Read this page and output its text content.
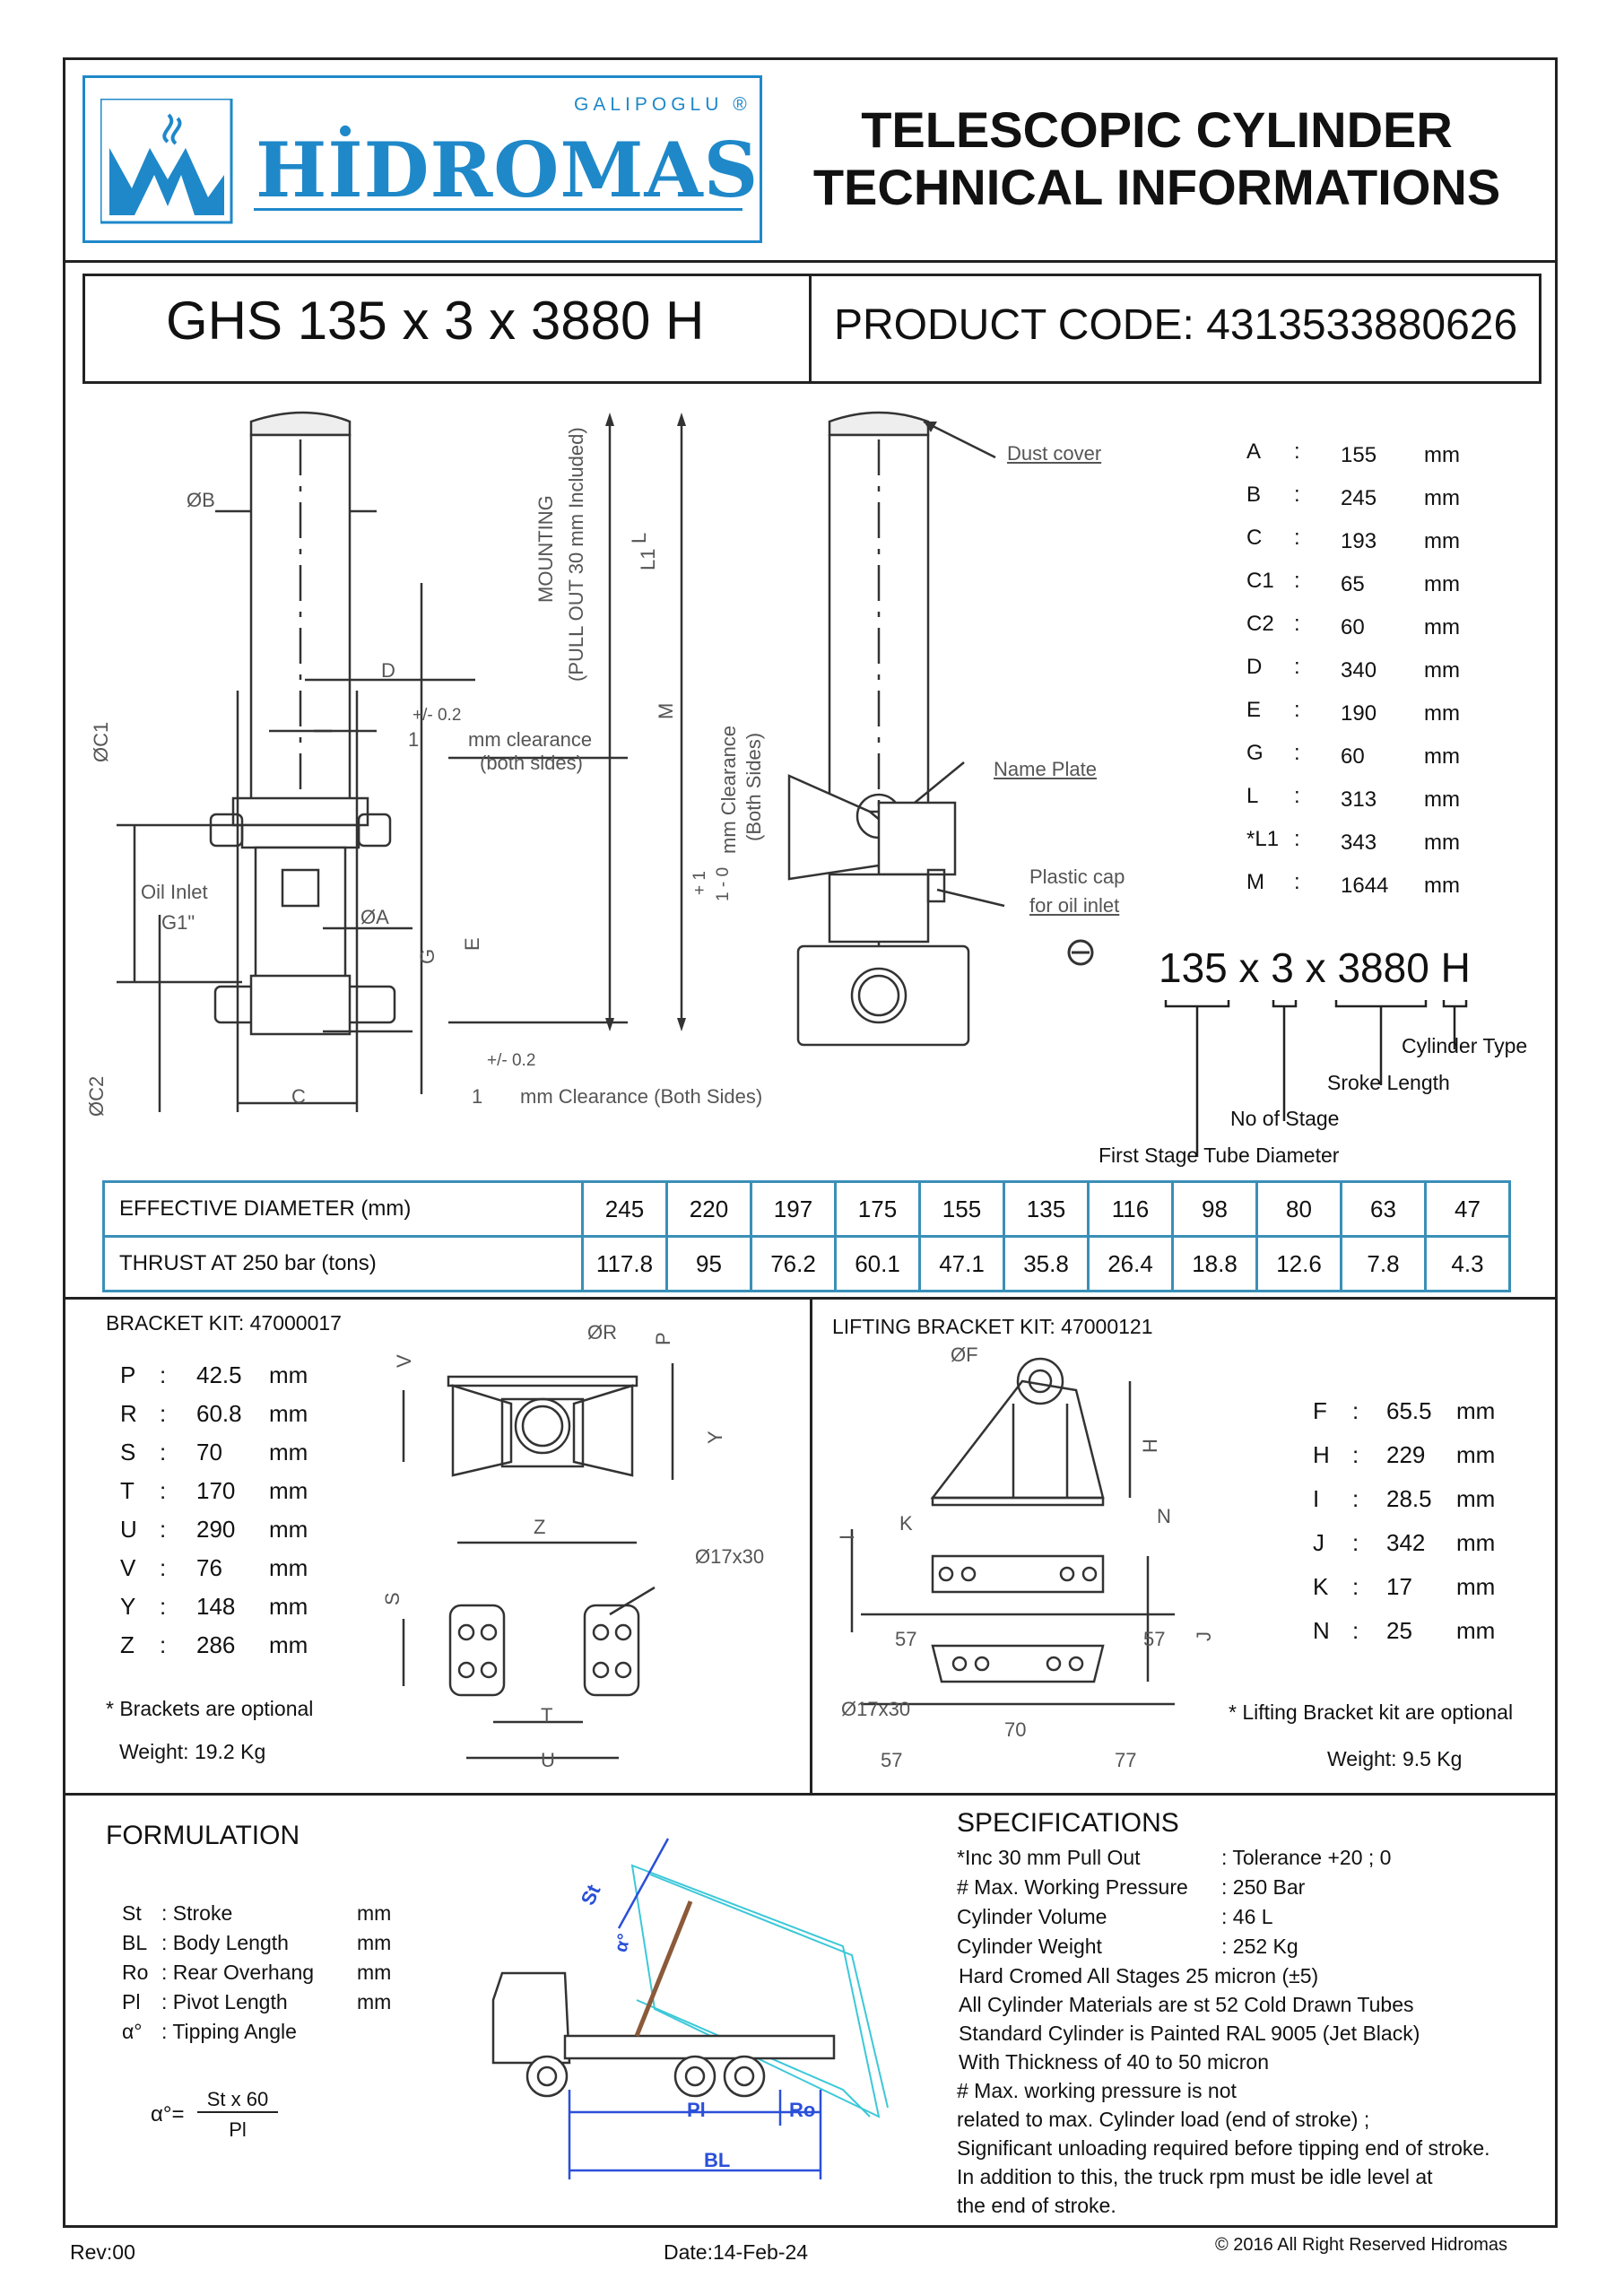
GALIPOGLU ®
HİDROMAS	TELESCOPIC CYLINDER
TECHNICAL INFORMATIONS
GHS 135 x 3 x 3880 H	PRODUCT CODE: 4313533880626
ØB
D
ØC1
+/- 0.2
1 mm clearance
(both sides)
Oil Inlet
G1"	ØA
G
E
ØC2	C
+/- 0.2
1 mm Clearance (Both Sides)
MOUNTING (PULL OUT 30 mm Included)	L1
L
M
mm Clearance (Both Sides)
+ 1 1 - 0
Dust cover
Name Plate
Plastic cap
for oil inlet
A : 155 mm
B : 245 mm
C : 193 mm
C1 : 65	mm
C2 : 60	mm
D : 340 mm
E : 190 mm
G : 60	mm
L : 313 mm
*L1 : 343 mm
M : 1644 mm
135 x 3 x 3880 H
Cylinder Type
Sroke Length
No of Stage
First Stage Tube Diameter
EFFECTIVE DIAMETER (mm)	245	220	197	175	155	135	116	98	80	63	47
THRUST AT 250 bar (tons)	117.8	95	76.2	60.1	47.1	35.8	26.4	18.8	12.6	7.8	4.3
BRACKET KIT: 47000017
P : 42.5 mm
R : 60.8 mm
S : 70 mm
T : 170 mm
U : 290 mm
V : 76 mm
Y : 148 mm
Z : 286 mm
* Brackets are optional
Weight: 19.2 Kg
ØR P
V
Y
Z
S
T
U
Ø17x30
LIFTING BRACKET KIT: 47000121
F : 65.5 mm
H : 229 mm
I : 28.5 mm
J : 342 mm
K : 17 mm
N : 25 mm
* Lifting Bracket kit are optional
Weight: 9.5 Kg
ØF
H
K	N
I
J
57	57
Ø17x30
70
57	77
FORMULATION
St : Stroke	mm
BL : Body Length	mm
Ro : Rear Overhang mm
Pl : Pivot Length	mm
α° : Tipping Angle
α°=
St x 60
Pl
St
α°
Pl	Ro
BL
SPECIFICATIONS
*Inc 30 mm Pull Out	: Tolerance +20 ; 0
# Max. Working Pressure : 250 Bar
Cylinder Volume	: 46 L
Cylinder Weight	: 252 Kg
Hard Cromed All Stages 25 micron (±5)
All Cylinder Materials are st 52 Cold Drawn Tubes
Standard Cylinder is Painted RAL 9005 (Jet Black)
With Thickness of 40 to 50 micron
# Max. working pressure is not
related to max. Cylinder load (end of stroke) ;
Significant unloading required before tipping end of stroke.
In addition to this, the truck rpm must be idle level at
the end of stroke.
Rev:00	Date:14-Feb-24	© 2016 All Right Reserved Hidromas
